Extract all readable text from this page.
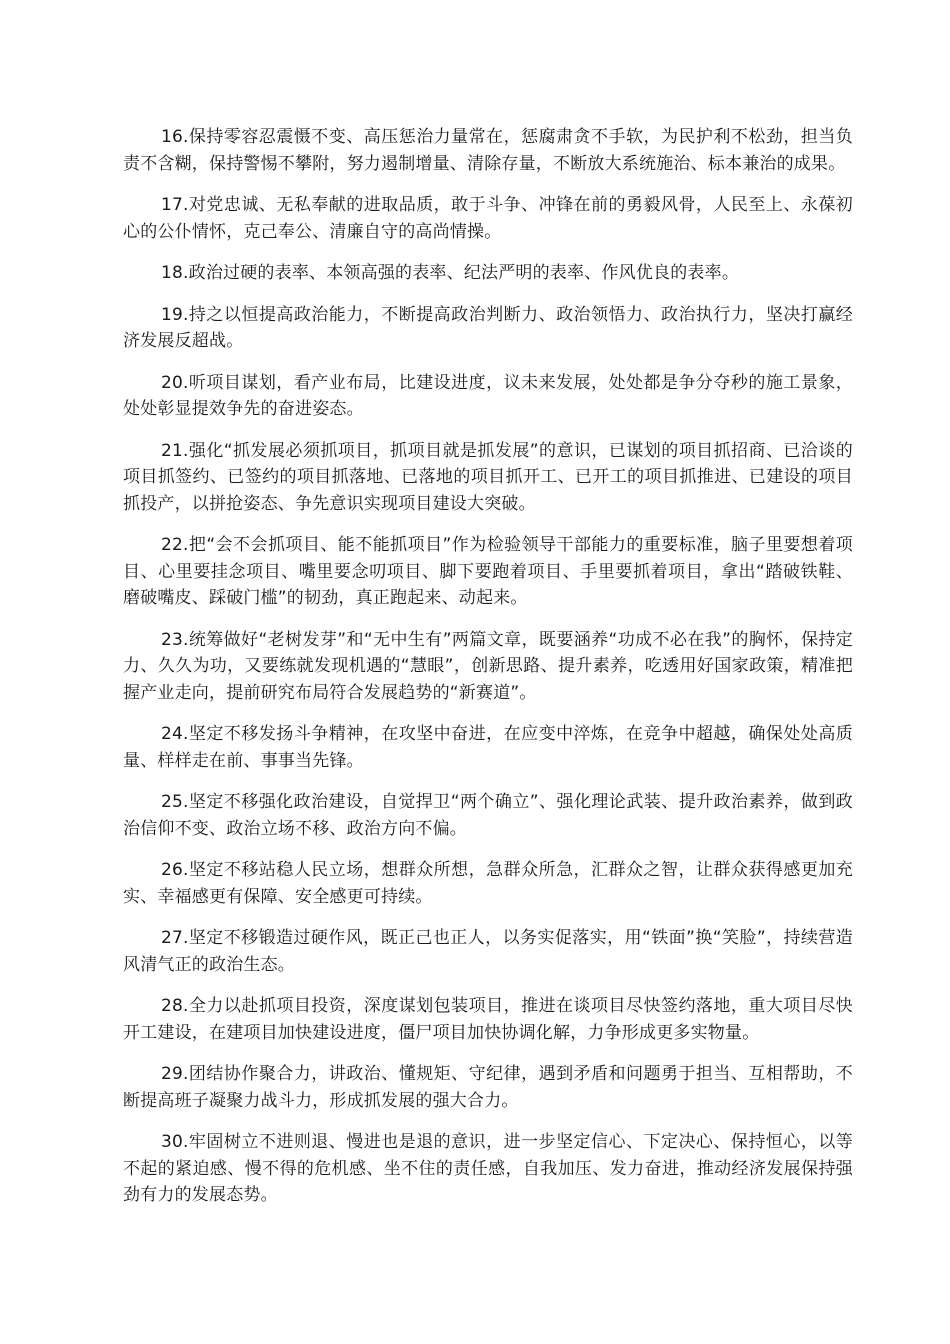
16.保持零容忍震慑不变、高压惩治力量常在，惩腐肃贪不手软，为民护利不松劲，担当负责不含糊，保持警惕不攀附，努力遏制增量、清除存量，不断放大系统施治、标本兼治的成果。

17.对党忠诚、无私奉献的进取品质，敢于斗争、冲锋在前的勇毅风骨，人民至上、永葆初心的公仆情怀，克己奉公、清廉自守的高尚情操。

18.政治过硬的表率、本领高强的表率、纪法严明的表率、作风优良的表率。

19.持之以恒提高政治能力，不断提高政治判断力、政治领悟力、政治执行力，坚决打赢经济发展反超战。

20.听项目谋划，看产业布局，比建设进度，议未来发展，处处都是争分夺秒的施工景象，处处彰显提效争先的奋进姿态。

21.强化“抓发展必须抓项目，抓项目就是抓发展”的意识，已谋划的项目抓招商、已洽谈的项目抓签约、已签约的项目抓落地、已落地的项目抓开工、已开工的项目抓推进、已建设的项目抓投产，以拼抢姿态、争先意识实现项目建设大突破。

22.把“会不会抓项目、能不能抓项目”作为检验领导干部能力的重要标准，脑子里要想着项目、心里要挂念项目、嘴里要念叨项目、脚下要跑着项目、手里要抓着项目，拿出“踏破铁鞋、磨破嘴皮、踩破门槛”的韧劲，真正跑起来、动起来。

23.统筹做好“老树发芽”和“无中生有”两篇文章，既要涵养“功成不必在我”的胸怀，保持定力、久久为功，又要练就发现机遇的“慧眼”，创新思路、提升素养，吃透用好国家政策，精准把握产业走向，提前研究布局符合发展趋势的“新赛道”。

24.坚定不移发扬斗争精神，在攻坚中奋进，在应变中淬炼，在竞争中超越，确保处处高质量、样样走在前、事事当先锋。

25.坚定不移强化政治建设，自觉捍卫“两个确立”、强化理论武装、提升政治素养，做到政治信仰不变、政治立场不移、政治方向不偏。

26.坚定不移站稳人民立场，想群众所想，急群众所急，汇群众之智，让群众获得感更加充实、幸福感更有保障、安全感更可持续。

27.坚定不移锻造过硬作风，既正己也正人，以务实促落实，用“铁面”换“笑脸”，持续营造风清气正的政治生态。

28.全力以赴抓项目投资，深度谋划包装项目，推进在谈项目尽快签约落地，重大项目尽快开工建设，在建项目加快建设进度，僵尸项目加快协调化解，力争形成更多实物量。

29.团结协作聚合力，讲政治、懂规矩、守纪律，遇到矛盾和问题勇于担当、互相帮助，不断提高班子凝聚力战斗力，形成抓发展的强大合力。

30.牢固树立不进则退、慢进也是退的意识，进一步坚定信心、下定决心、保持恒心，以等不起的紧迫感、慢不得的危机感、坐不住的责任感，自我加压、发力奋进，推动经济发展保持强劲有力的发展态势。
